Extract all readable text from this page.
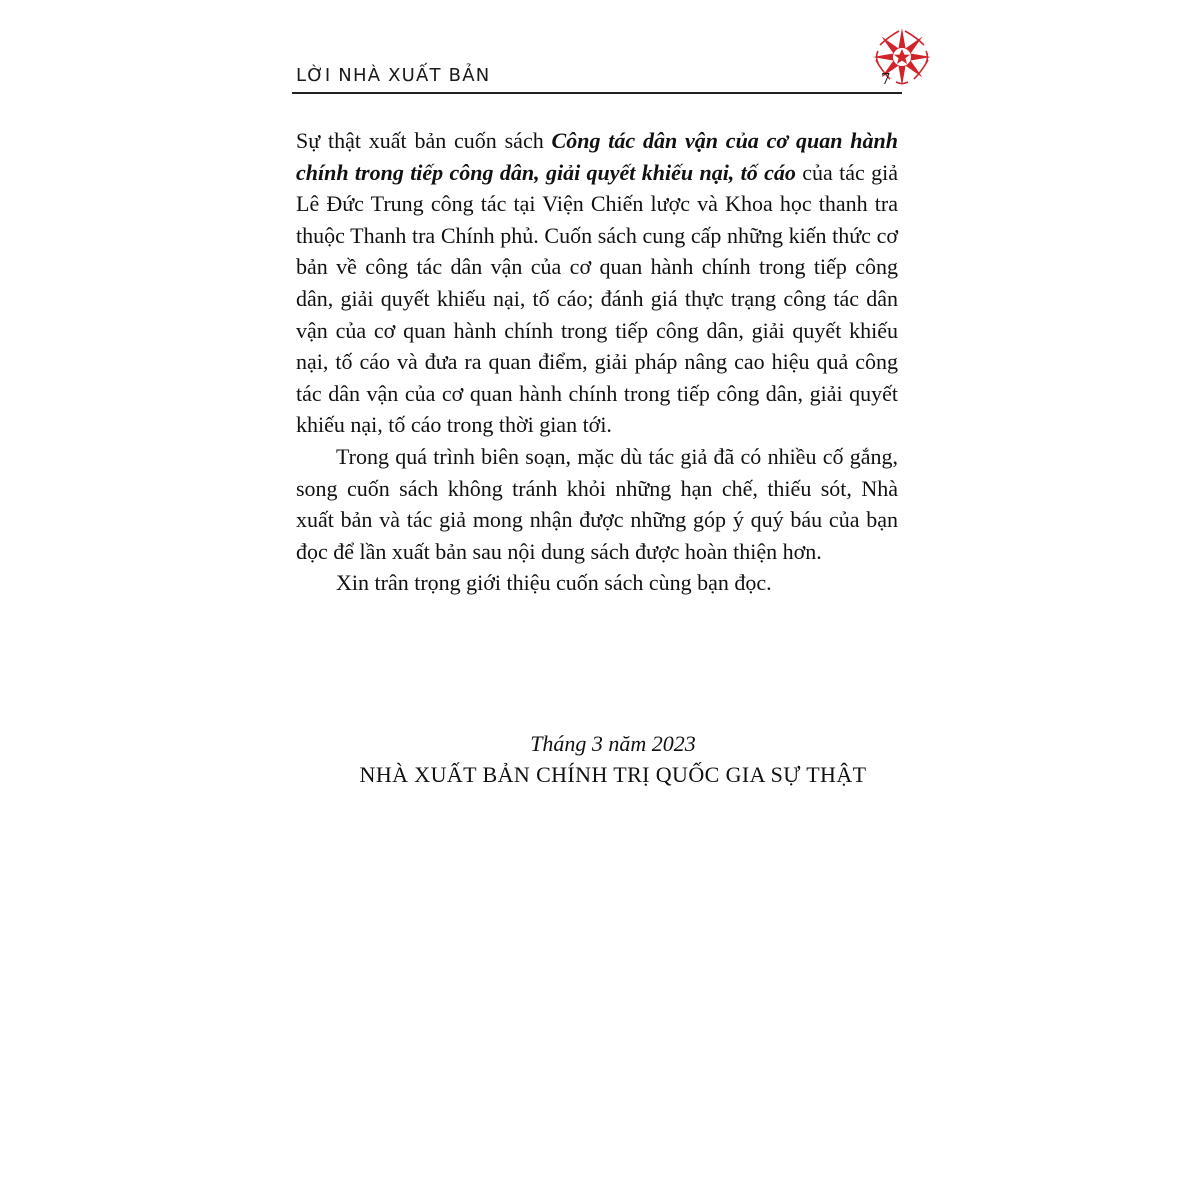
LỜI NHÀ XUẤT BẢN	7

Sự thật xuất bản cuốn sách Công tác dân vận của cơ quan hành chính trong tiếp công dân, giải quyết khiếu nại, tố cáo của tác giả Lê Đức Trung công tác tại Viện Chiến lược và Khoa học thanh tra thuộc Thanh tra Chính phủ. Cuốn sách cung cấp những kiến thức cơ bản về công tác dân vận của cơ quan hành chính trong tiếp công dân, giải quyết khiếu nại, tố cáo; đánh giá thực trạng công tác dân vận của cơ quan hành chính trong tiếp công dân, giải quyết khiếu nại, tố cáo và đưa ra quan điểm, giải pháp nâng cao hiệu quả công tác dân vận của cơ quan hành chính trong tiếp công dân, giải quyết khiếu nại, tố cáo trong thời gian tới.

Trong quá trình biên soạn, mặc dù tác giả đã có nhiều cố gắng, song cuốn sách không tránh khỏi những hạn chế, thiếu sót, Nhà xuất bản và tác giả mong nhận được những góp ý quý báu của bạn đọc để lần xuất bản sau nội dung sách được hoàn thiện hơn.

Xin trân trọng giới thiệu cuốn sách cùng bạn đọc.

Tháng 3 năm 2023
NHÀ XUẤT BẢN CHÍNH TRỊ QUỐC GIA SỰ THẬT
